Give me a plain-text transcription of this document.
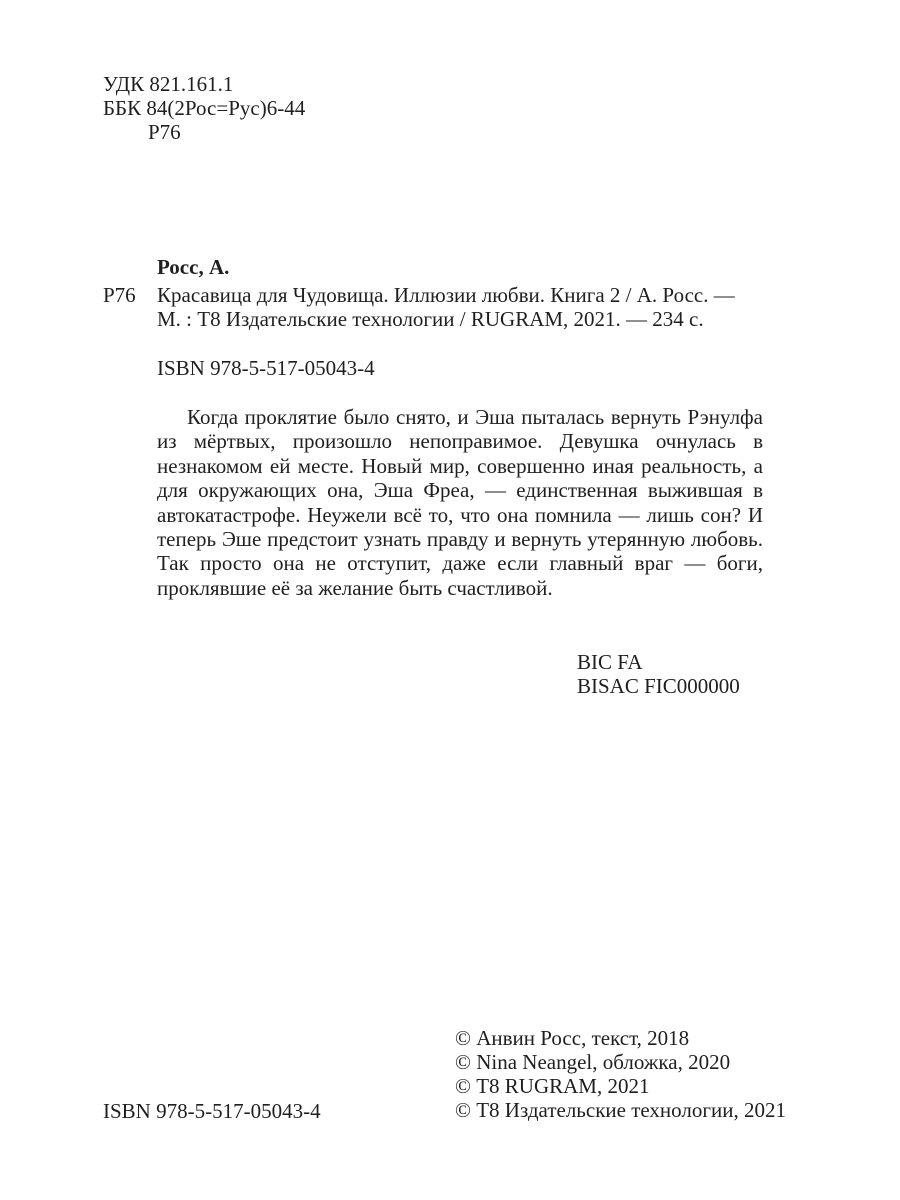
УДК 821.161.1
ББК 84(2Рос=Рус)6-44
Р76
Росс, А.
Р76 Красавица для Чудовища. Иллюзии любви. Книга 2 / А. Росс. —
М. : Т8 Издательские технологии / RUGRAM, 2021. — 234 с.
ISBN 978-5-517-05043-4

Когда проклятие было снято, и Эша пыталась вернуть Рэнулфа из мёртвых, произошло непоправимое. Девушка очнулась в незнакомом ей месте. Новый мир, совершенно иная реальность, а для окружающих она, Эша Фреа, — единственная выжившая в автокатастрофе. Неужели всё то, что она помнила — лишь сон? И теперь Эше предстоит узнать правду и вернуть утерянную любовь. Так просто она не отступит, даже если главный враг — боги, проклявшие её за желание быть счастливой.

BIC FA
BISAC FIC000000
© Анвин Росс, текст, 2018
© Nina Neangel, обложка, 2020
© Т8 RUGRAM, 2021
© Т8 Издательские технологии, 2021
ISBN 978-5-517-05043-4
